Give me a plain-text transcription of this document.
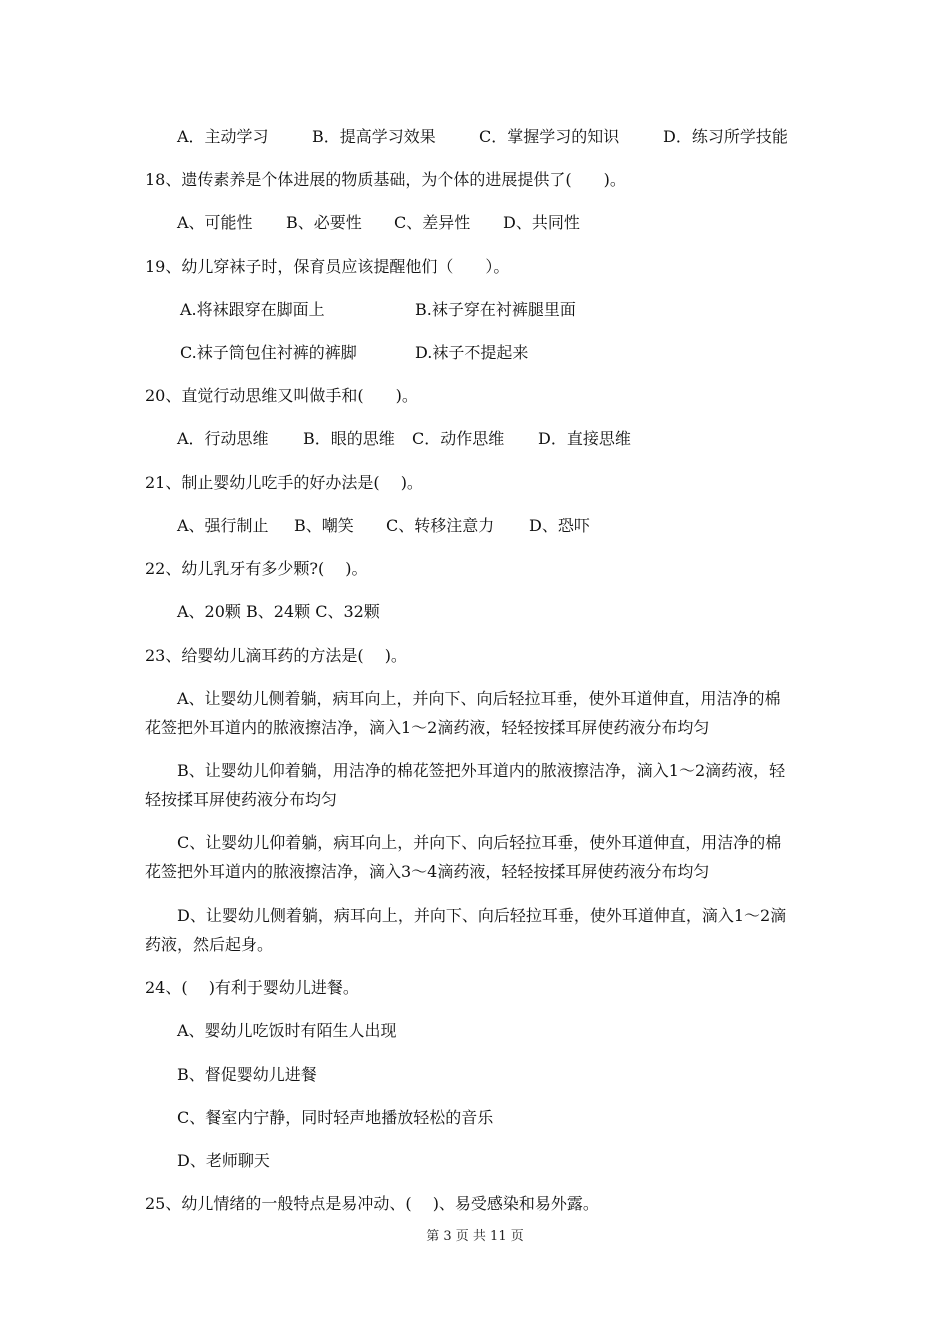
A．主动学习	B．提高学习效果	C．掌握学习的知识	D．练习所学技能
18、遗传素养是个体进展的物质基础，为个体的进展提供了(　　)。
A、可能性 B、必要性 C、差异性 D、共同性
19、幼儿穿袜子时，保育员应该提醒他们（　　）。
A.将袜跟穿在脚面上	B.袜子穿在衬裤腿里面
C.袜子筒包住衬裤的裤脚	D.袜子不提起来
20、直觉行动思维又叫做手和(　　)。
A．行动思维 B．眼的思维 C．动作思维 D．直接思维
21、制止婴幼儿吃手的好办法是(　 )。
A、强行制止 B、嘲笑 C、转移注意力 D、恐吓
22、幼儿乳牙有多少颗?(　 )。
A、20颗 B、24颗 C、32颗
23、给婴幼儿滴耳药的方法是(　 )。
A、让婴幼儿侧着躺，病耳向上，并向下、向后轻拉耳垂，使外耳道伸直，用洁净的棉
花签把外耳道内的脓液擦洁净，滴入1～2滴药液，轻轻按揉耳屏使药液分布均匀
B、让婴幼儿仰着躺，用洁净的棉花签把外耳道内的脓液擦洁净，滴入1～2滴药液，轻
轻按揉耳屏使药液分布均匀
C、让婴幼儿仰着躺，病耳向上，并向下、向后轻拉耳垂，使外耳道伸直，用洁净的棉
花签把外耳道内的脓液擦洁净，滴入3～4滴药液，轻轻按揉耳屏使药液分布均匀
D、让婴幼儿侧着躺，病耳向上，并向下、向后轻拉耳垂，使外耳道伸直，滴入1～2滴
药液，然后起身。
24、(　 )有利于婴幼儿进餐。
A、婴幼儿吃饭时有陌生人出现
B、督促婴幼儿进餐
C、餐室内宁静，同时轻声地播放轻松的音乐
D、老师聊天
25、幼儿情绪的一般特点是易冲动、(　 )、易受感染和易外露。
第 3 页 共 11 页
